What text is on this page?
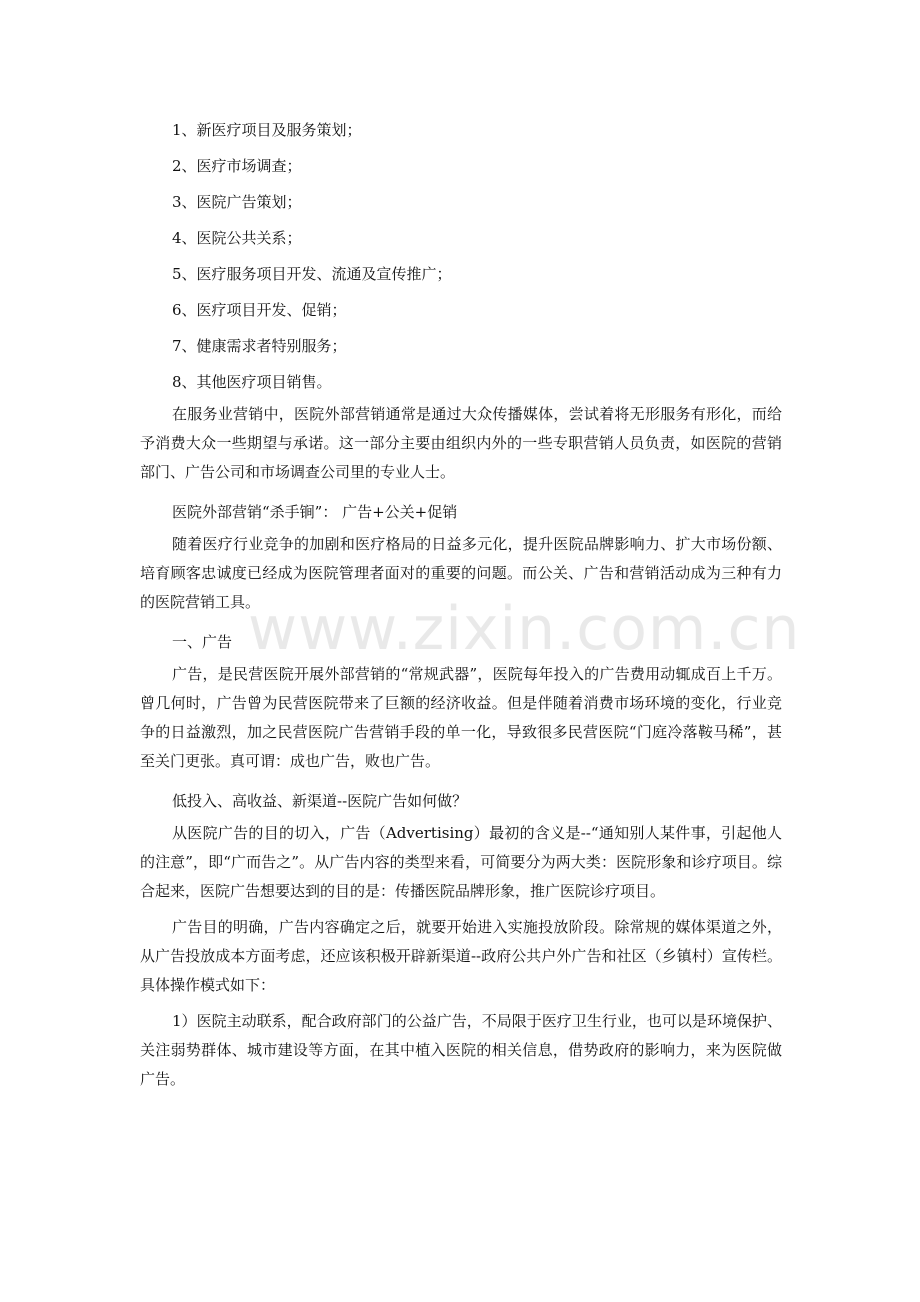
1、新医疗项目及服务策划；

2、医疗市场调查；

3、医院广告策划；

4、医院公共关系；

5、医疗服务项目开发、流通及宣传推广；

6、医疗项目开发、促销；

7、健康需求者特别服务；

8、其他医疗项目销售。

在服务业营销中，医院外部营销通常是通过大众传播媒体，尝试着将无形服务有形化，而给予消费大众一些期望与承诺。这一部分主要由组织内外的一些专职营销人员负责，如医院的营销部门、广告公司和市场调查公司里的专业人士。

医院外部营销“杀手锏”： 广告+公关+促销

随着医疗行业竞争的加剧和医疗格局的日益多元化，提升医院品牌影响力、扩大市场份额、培育顾客忠诚度已经成为医院管理者面对的重要的问题。而公关、广告和营销活动成为三种有力的医院营销工具。

一、广告

广告，是民营医院开展外部营销的“常规武器”，医院每年投入的广告费用动辄成百上千万。曾几何时，广告曾为民营医院带来了巨额的经济收益。但是伴随着消费市场环境的变化，行业竞争的日益激烈，加之民营医院广告营销手段的单一化，导致很多民营医院“门庭冷落鞍马稀”，甚至关门更张。真可谓：成也广告，败也广告。

低投入、高收益、新渠道--医院广告如何做？

从医院广告的目的切入，广告（Advertising）最初的含义是--“通知别人某件事，引起他人的注意”，即“广而告之”。从广告内容的类型来看，可简要分为两大类：医院形象和诊疗项目。综合起来，医院广告想要达到的目的是：传播医院品牌形象，推广医院诊疗项目。

广告目的明确，广告内容确定之后，就要开始进入实施投放阶段。除常规的媒体渠道之外，从广告投放成本方面考虑，还应该积极开辟新渠道--政府公共户外广告和社区（乡镇村）宣传栏。具体操作模式如下：

1）医院主动联系，配合政府部门的公益广告，不局限于医疗卫生行业，也可以是环境保护、关注弱势群体、城市建设等方面，在其中植入医院的相关信息，借势政府的影响力，来为医院做广告。

www.zixin.com.cn
